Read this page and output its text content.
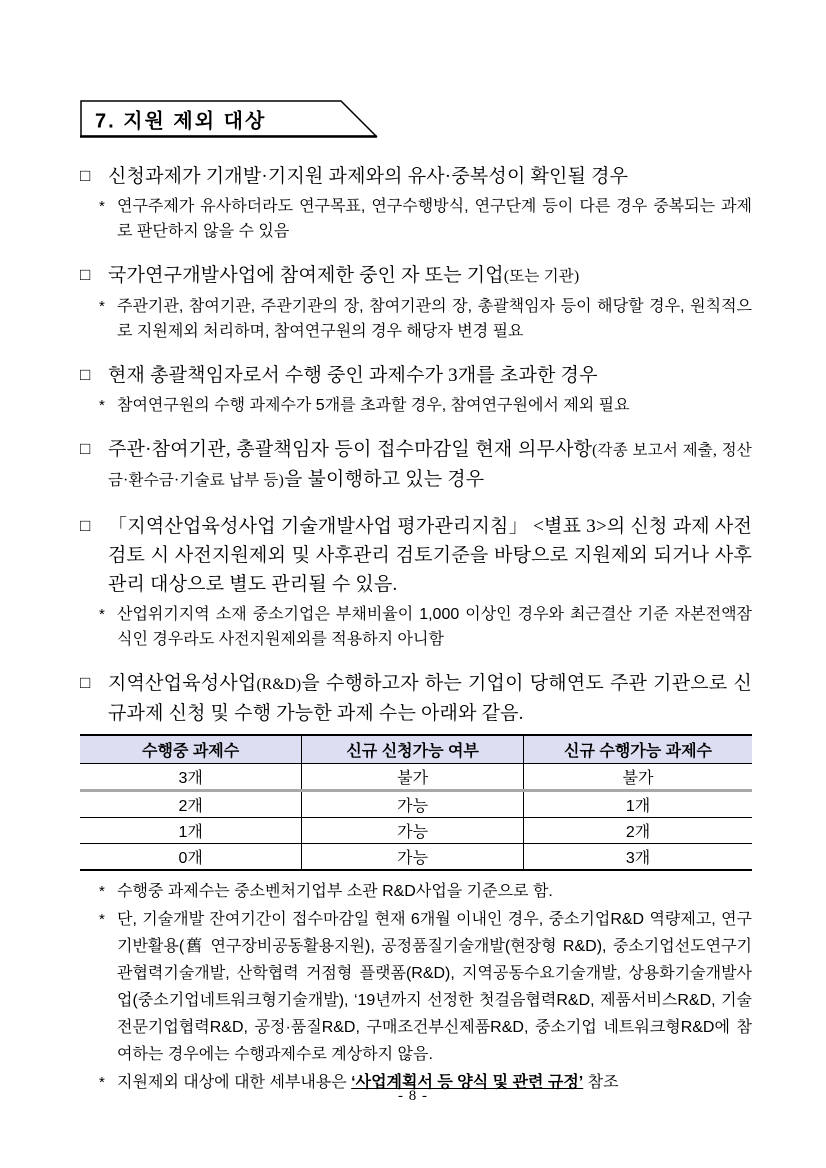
7. 지원 제외 대상
□ 신청과제가 기개발·기지원 과제와의 유사·중복성이 확인될 경우
* 연구주제가 유사하더라도 연구목표, 연구수행방식, 연구단계 등이 다른 경우 중복되는 과제로 판단하지 않을 수 있음
□ 국가연구개발사업에 참여제한 중인 자 또는 기업(또는 기관)
* 주관기관, 참여기관, 주관기관의 장, 참여기관의 장, 총괄책임자 등이 해당할 경우, 원칙적으로 지원제외 처리하며, 참여연구원의 경우 해당자 변경 필요
□ 현재 총괄책임자로서 수행 중인 과제수가 3개를 초과한 경우
* 참여연구원의 수행 과제수가 5개를 초과할 경우, 참여연구원에서 제외 필요
□ 주관·참여기관, 총괄책임자 등이 접수마감일 현재 의무사항(각종 보고서 제출, 정산금·환수금·기술료 납부 등)을 불이행하고 있는 경우
□ 「지역산업육성사업 기술개발사업 평가관리지침」 <별표 3>의 신청 과제 사전검토 시 사전지원제외 및 사후관리 검토기준을 바탕으로 지원제외 되거나 사후관리 대상으로 별도 관리될 수 있음.
* 산업위기지역 소재 중소기업은 부채비율이 1,000 이상인 경우와 최근결산 기준 자본전액잠식인 경우라도 사전지원제외를 적용하지 아니함
□ 지역산업육성사업(R&D)을 수행하고자 하는 기업이 당해연도 주관 기관으로 신규과제 신청 및 수행 가능한 과제 수는 아래와 같음.
수행중 과제수	신규 신청가능 여부	신규 수행가능 과제수
3개	불가	불가
2개	가능	1개
1개	가능	2개
0개	가능	3개
* 수행중 과제수는 중소벤처기업부 소관 R&D사업을 기준으로 함.
* 단, 기술개발 잔여기간이 접수마감일 현재 6개월 이내인 경우, 중소기업R&D 역량제고, 연구기반활용(舊 연구장비공동활용지원), 공정품질기술개발(현장형 R&D), 중소기업선도연구기관협력기술개발, 산학협력 거점형 플랫폼(R&D), 지역공동수요기술개발, 상용화기술개발사업(중소기업네트워크형기술개발), ‘19년까지 선정한 첫걸음협력R&D, 제품서비스R&D, 기술전문기업협력R&D, 공정·품질R&D, 구매조건부신제품R&D, 중소기업 네트워크형R&D에 참여하는 경우에는 수행과제수로 계상하지 않음.
* 지원제외 대상에 대한 세부내용은 ‘사업계획서 등 양식 및 관련 규정’ 참조
- 8 -
